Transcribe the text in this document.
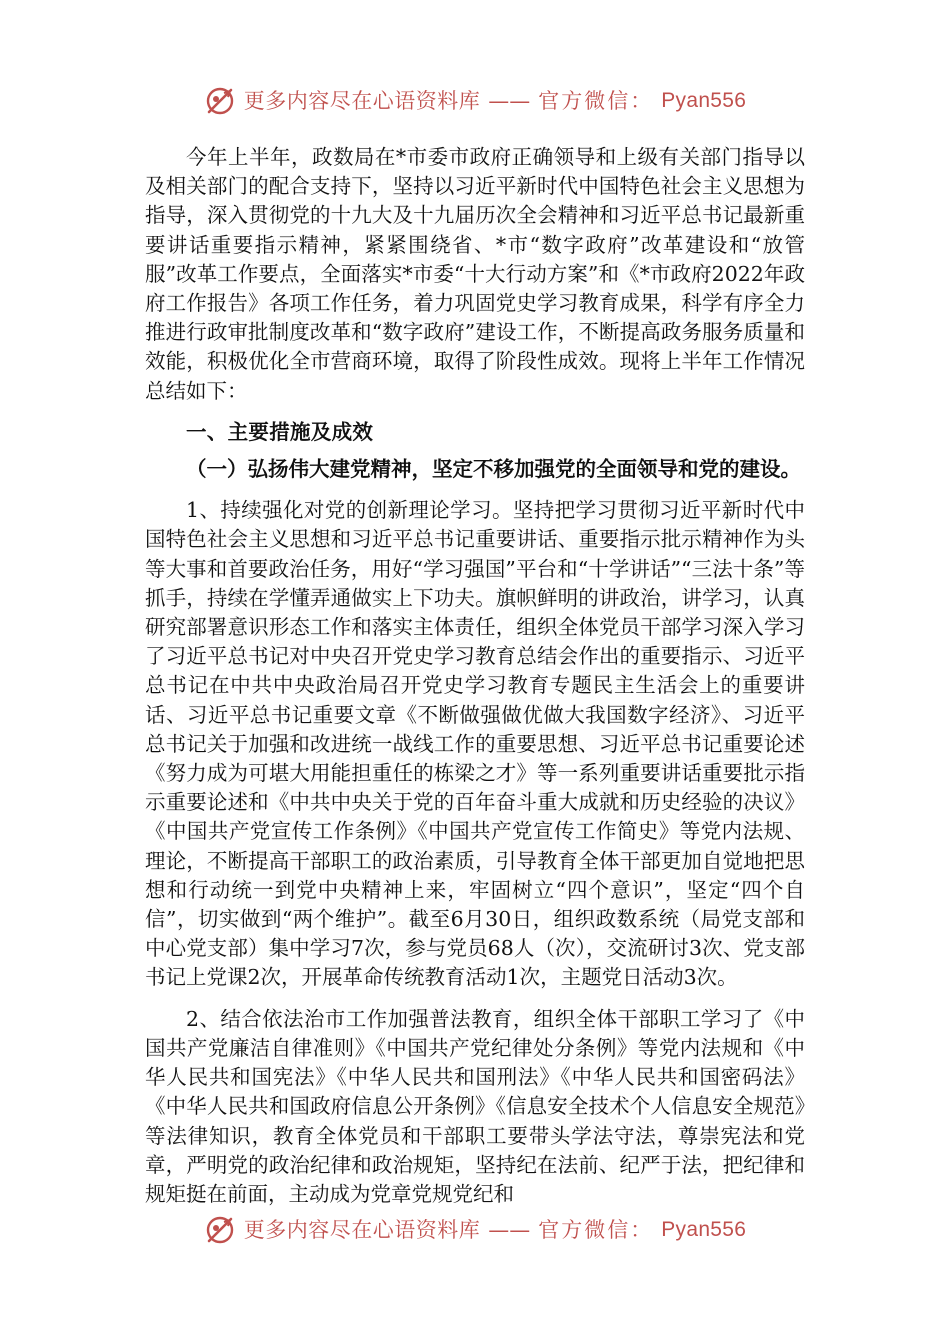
更多内容尽在心语资料库 —— 官方微信： Pyan556

今年上半年，政数局在*市委市政府正确领导和上级有关部门指导以及相关部门的配合支持下，坚持以习近平新时代中国特色社会主义思想为指导，深入贯彻党的十九大及十九届历次全会精神和习近平总书记最新重要讲话重要指示精神，紧紧围绕省、*市“数字政府”改革建设和“放管服”改革工作要点，全面落实*市委“十大行动方案”和《*市政府2022年政府工作报告》各项工作任务，着力巩固党史学习教育成果，科学有序全力推进行政审批制度改革和“数字政府”建设工作，不断提高政务服务质量和效能，积极优化全市营商环境，取得了阶段性成效。现将上半年工作情况总结如下：

一、主要措施及成效

（一）弘扬伟大建党精神，坚定不移加强党的全面领导和党的建设。

1、持续强化对党的创新理论学习。坚持把学习贯彻习近平新时代中国特色社会主义思想和习近平总书记重要讲话、重要指示批示精神作为头等大事和首要政治任务，用好“学习强国”平台和“十学讲话”“三法十条”等抓手，持续在学懂弄通做实上下功夫。旗帜鲜明的讲政治，讲学习，认真研究部署意识形态工作和落实主体责任，组织全体党员干部学习深入学习了习近平总书记对中央召开党史学习教育总结会作出的重要指示、习近平总书记在中共中央政治局召开党史学习教育专题民主生活会上的重要讲话、习近平总书记重要文章《不断做强做优做大我国数字经济》、习近平总书记关于加强和改进统一战线工作的重要思想、习近平总书记重要论述《努力成为可堪大用能担重任的栋梁之才》等一系列重要讲话重要批示指示重要论述和《中共中央关于党的百年奋斗重大成就和历史经验的决议》《中国共产党宣传工作条例》《中国共产党宣传工作简史》等党内法规、理论，不断提高干部职工的政治素质，引导教育全体干部更加自觉地把思想和行动统一到党中央精神上来，牢固树立“四个意识”，坚定“四个自信”，切实做到“两个维护”。截至6月30日，组织政数系统（局党支部和中心党支部）集中学习7次，参与党员68人（次），交流研讨3次、党支部书记上党课2次，开展革命传统教育活动1次，主题党日活动3次。

2、结合依法治市工作加强普法教育，组织全体干部职工学习了《中国共产党廉洁自律准则》《中国共产党纪律处分条例》等党内法规和《中华人民共和国宪法》《中华人民共和国刑法》《中华人民共和国密码法》《中华人民共和国政府信息公开条例》《信息安全技术个人信息安全规范》等法律知识，教育全体党员和干部职工要带头学法守法，尊崇宪法和党章，严明党的政治纪律和政治规矩，坚持纪在法前、纪严于法，把纪律和规矩挺在前面，主动成为党章党规党纪和

更多内容尽在心语资料库 —— 官方微信： Pyan556
